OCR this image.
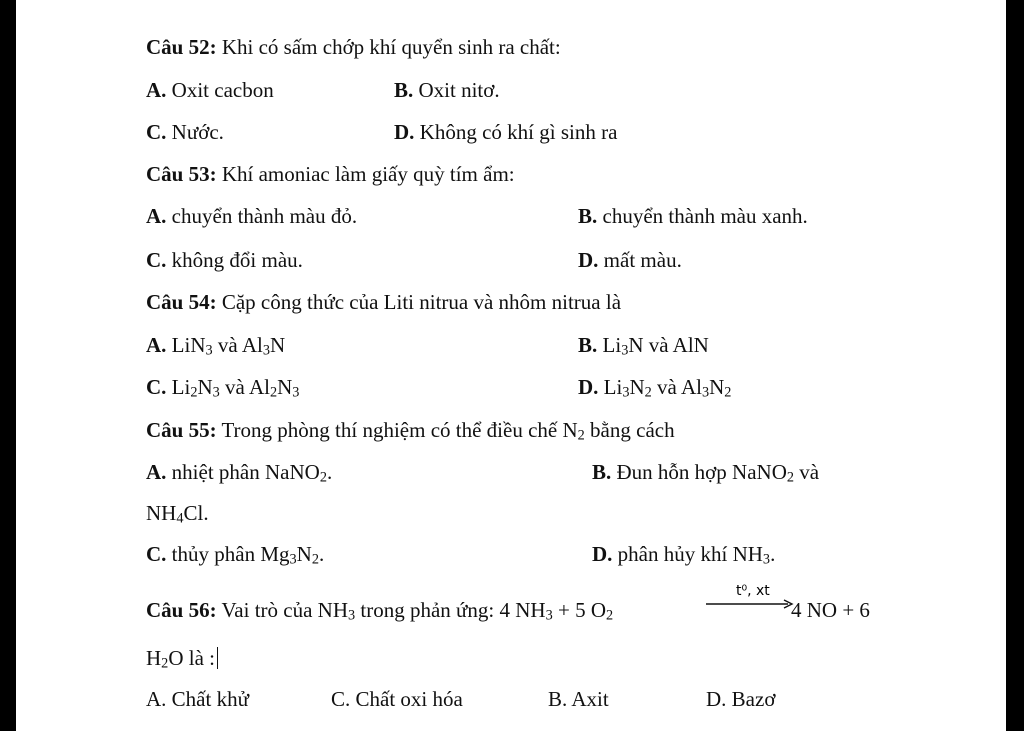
Câu 52: Khi có sấm chớp khí quyển sinh ra chất:
A. Oxit cacbon	B. Oxit nitơ.
C. Nước.	D. Không có khí gì sinh ra
Câu 53: Khí amoniac làm giấy quỳ tím ẩm:
A. chuyển thành màu đỏ.	B. chuyển thành màu xanh.
C. không đổi màu.	D. mất màu.
Câu 54: Cặp công thức của Liti nitrua và nhôm nitrua là
A. LiN$_3$ và $Al_3N$	B. $Li_3N$ và AlN
C. $Li_2N_3$ và $Al_2N_3$	D. $Li_3N_2$ và $Al_3N_2$
Câu 55: Trong phòng thí nghiệm có thể điều chế $N_2$ bằng cách
A. nhiệt phân NaNO$_2$.	B. Đun hỗn hợp NaNO$_2$ và
$NH_4Cl$.
C. thủy phân $Mg_3N_2$.	D. phân hủy khí $NH_3$.
Câu 56: Vai trò của $NH_3$ trong phản ứng: 4 $NH_3 + 5$ $O_2$
t⁰, xt
4 NO + 6
$H_2O$ là :
A. Chất khử	C. Chất oxi hóa	B. Axit	D. Bazơ
